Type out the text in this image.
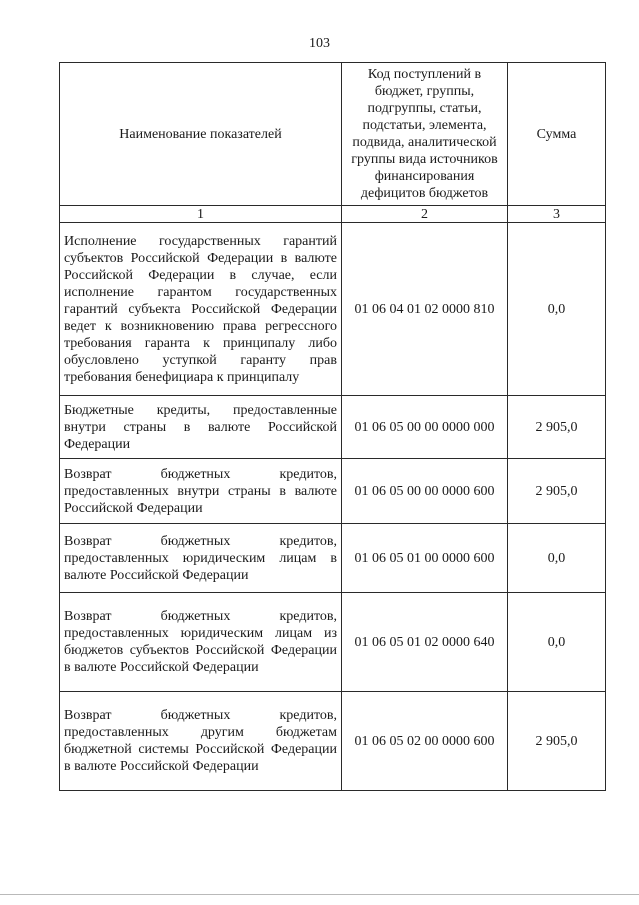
103
Наименование показателей	Код поступлений в бюджет, группы, подгруппы, статьи, подстатьи, элемента, подвида, аналитической группы вида источников финансирования дефицитов бюджетов	Сумма
1	2	3
Исполнение государственных гарантий субъектов Российской Федерации в валюте Российской Федерации в случае, если исполнение гарантом государственных гарантий субъекта Российской Федерации ведет к возникновению права регрессного требования гаранта к принципалу либо обусловлено уступкой гаранту прав требования бенефициара к принципалу	01 06 04 01 02 0000 810	0,0
Бюджетные кредиты, предоставленные внутри страны в валюте Российской Федерации	01 06 05 00 00 0000 000	2 905,0
Возврат бюджетных кредитов, предоставленных внутри страны в валюте Российской Федерации	01 06 05 00 00 0000 600	2 905,0
Возврат бюджетных кредитов, предоставленных юридическим лицам в валюте Российской Федерации	01 06 05 01 00 0000 600	0,0
Возврат бюджетных кредитов, предоставленных юридическим лицам из бюджетов субъектов Российской Федерации в валюте Российской Федерации	01 06 05 01 02 0000 640	0,0
Возврат бюджетных кредитов, предоставленных другим бюджетам бюджетной системы Российской Федерации в валюте Российской Федерации	01 06 05 02 00 0000 600	2 905,0
